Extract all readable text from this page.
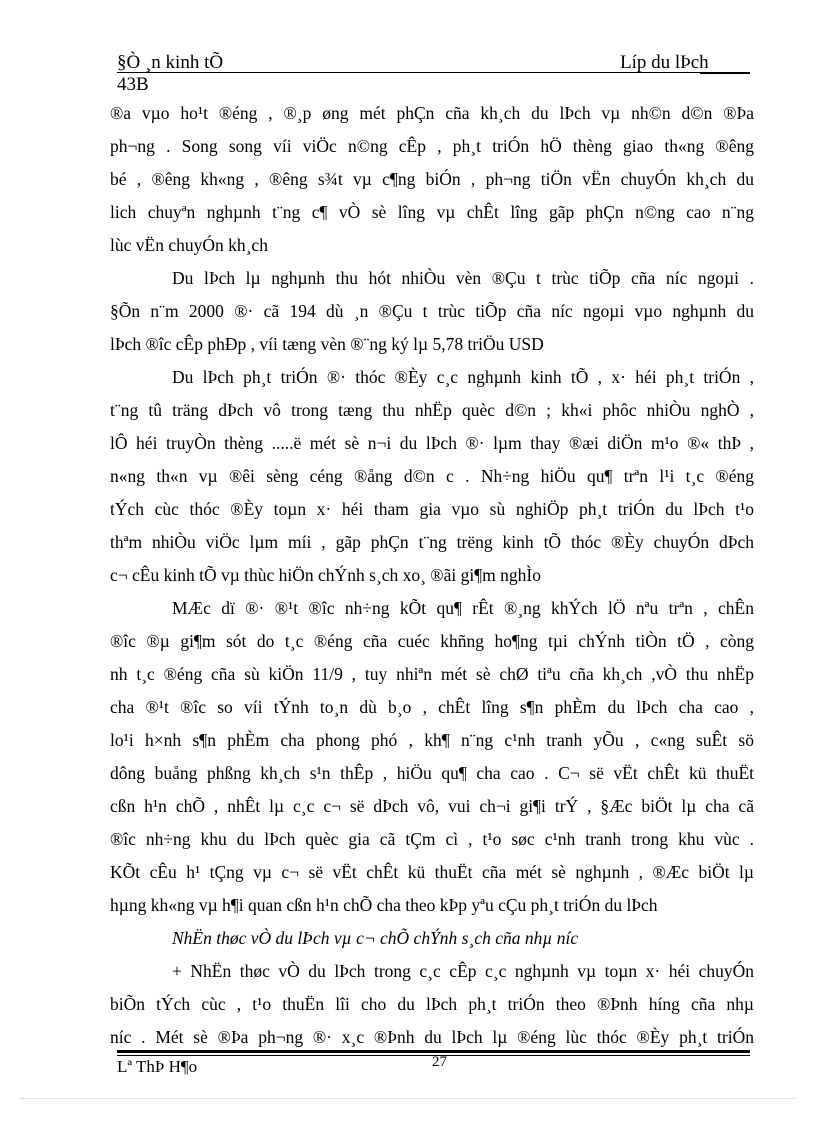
§Ò ¸n kinh tÕ	Líp du lÞch
43B
®a vµo ho¹t ®éng , ®¸p øng mét phÇn cña kh¸ch du lÞch vµ nh©n d©n ®Þa
ph¬ng . Song song víi viÖc n©ng cÊp , ph¸t triÓn hÖ thèng giao th«ng ®êng
bé , ®êng kh«ng , ®êng s¾t vµ c¶ng biÓn , ph¬ng tiÖn vËn chuyÓn kh¸ch du
lich chuyªn nghµnh t¨ng c¶ vÒ sè lîng vµ chÊt lîng gãp phÇn n©ng cao n¨ng
lùc vËn chuyÓn kh¸ch
Du lÞch lµ nghµnh thu hót nhiÒu vèn ®Çu t trùc tiÕp cña níc ngoµi .
§Õn n¨m 2000 ®· cã 194 dù ¸n ®Çu t trùc tiÕp cña níc ngoµi vµo nghµnh du
lÞch ®îc cÊp phÐp , víi tæng vèn ®¨ng ký lµ 5,78 triÖu USD
Du lÞch ph¸t triÓn ®· thóc ®Èy c¸c nghµnh kinh tÕ , x· héi ph¸t triÓn ,
t¨ng tû träng dÞch vô trong tæng thu nhËp quèc d©n ; kh«i phôc nhiÒu nghÒ ,
lÔ héi truyÒn thèng .....ë mét sè n¬i du lÞch ®· lµm thay ®æi diÖn m¹o ®« thÞ ,
n«ng th«n vµ ®êi sèng céng ®ång d©n c . Nh÷ng hiÖu qu¶ trªn l¹i t¸c ®éng
tÝch cùc thóc ®Èy toµn x· héi tham gia vµo sù nghiÖp ph¸t triÓn du lÞch t¹o
thªm nhiÒu viÖc lµm míi , gãp phÇn t¨ng trëng kinh tÕ thóc ®Èy chuyÓn dÞch
c¬ cÊu kinh tÕ vµ thùc hiÖn chÝnh s¸ch xo¸ ®ãi gi¶m nghÌo
MÆc dï ®· ®¹t ®îc nh÷ng kÕt qu¶ rÊt ®¸ng khÝch lÖ nªu trªn , chÊn
®îc ®µ gi¶m sót do t¸c ®éng cña cuéc khñng ho¶ng tµi chÝnh tiÒn tÖ , còng
nh t¸c ®éng cña sù kiÖn 11/9 , tuy nhiªn mét sè chØ tiªu cña kh¸ch ,vÒ thu nhËp
cha ®¹t ®îc so víi tÝnh to¸n dù b¸o , chÊt lîng s¶n phÈm du lÞch cha cao ,
lo¹i h×nh s¶n phÈm cha phong phó , kh¶ n¨ng c¹nh tranh yÕu , c«ng suÊt sö
dông buång phßng kh¸ch s¹n thÊp , hiÖu qu¶ cha cao . C¬ së vËt chÊt kü thuËt
cßn h¹n chÕ , nhÊt lµ c¸c c¬ së dÞch vô, vui ch¬i gi¶i trÝ , §Æc biÖt lµ cha cã
®îc nh÷ng khu du lÞch quèc gia cã tÇm cì , t¹o søc c¹nh tranh trong khu vùc .
KÕt cÊu h¹ tÇng vµ c¬ së vËt chÊt kü thuËt cña mét sè nghµnh , ®Æc biÖt lµ
hµng kh«ng vµ h¶i quan cßn h¹n chÕ cha theo kÞp yªu cÇu ph¸t triÓn du lÞch
NhËn thøc vÒ du lÞch vµ c¬ chÕ chÝnh s¸ch cña nhµ níc
+ NhËn thøc vÒ du lÞch trong c¸c cÊp c¸c nghµnh vµ toµn x· héi chuyÓn
biÕn tÝch cùc , t¹o thuËn lîi cho du lÞch ph¸t triÓn theo ®Þnh híng cña nhµ
níc . Mét sè ®Þa ph¬ng ®· x¸c ®Þnh du lÞch lµ ®éng lùc thóc ®Èy ph¸t triÓn
Lª ThÞ H¶o	27
